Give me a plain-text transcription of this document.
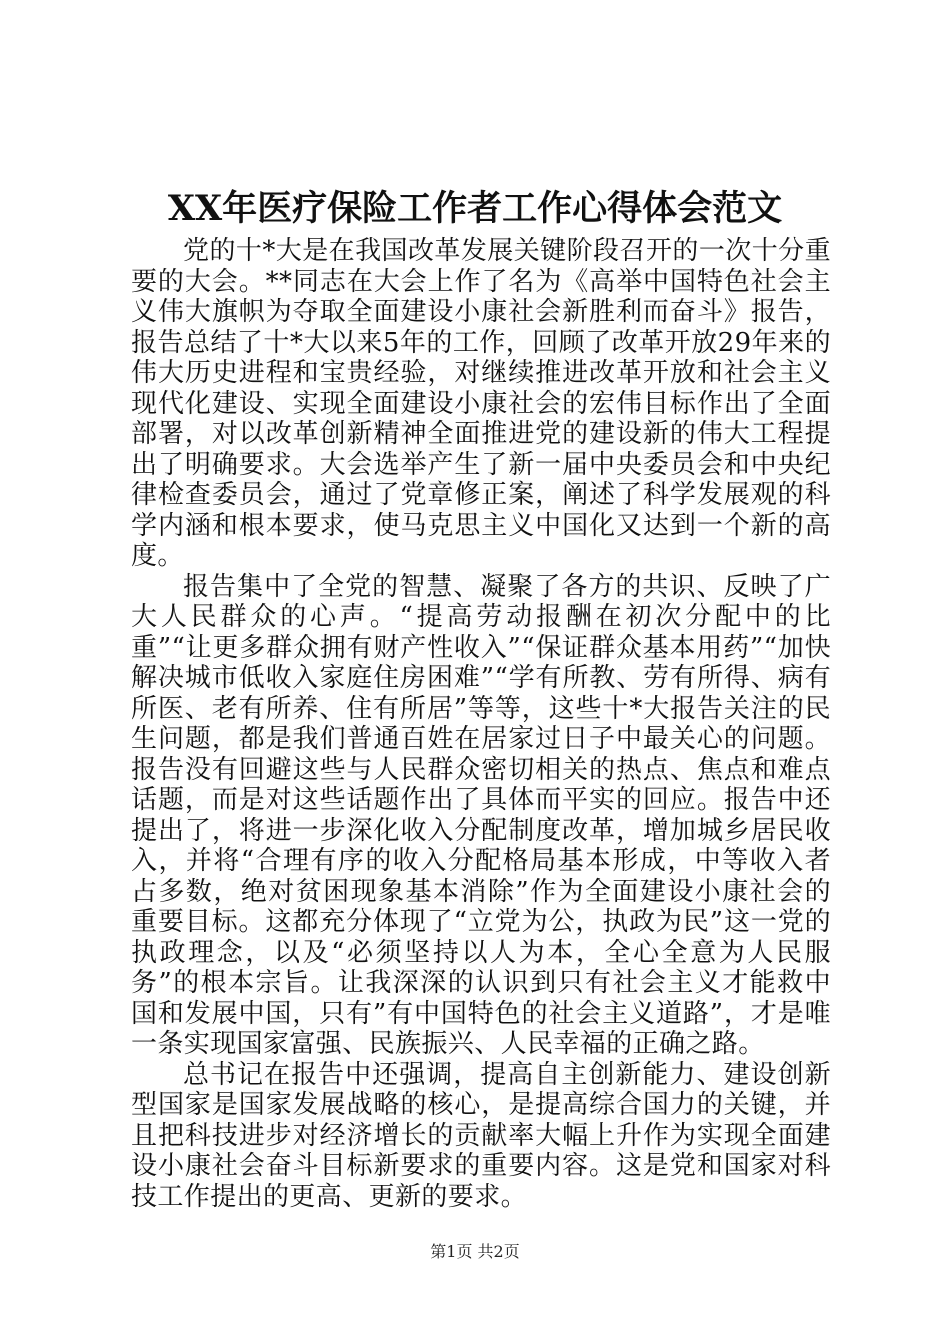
XX年医疗保险工作者工作心得体会范文

党的十*大是在我国改革发展关键阶段召开的一次十分重要的大会。**同志在大会上作了名为《高举中国特色社会主义伟大旗帜为夺取全面建设小康社会新胜利而奋斗》报告，报告总结了十*大以来5年的工作，回顾了改革开放29年来的伟大历史进程和宝贵经验，对继续推进改革开放和社会主义现代化建设、实现全面建设小康社会的宏伟目标作出了全面部署，对以改革创新精神全面推进党的建设新的伟大工程提出了明确要求。大会选举产生了新一届中央委员会和中央纪律检查委员会，通过了党章修正案，阐述了科学发展观的科学内涵和根本要求，使马克思主义中国化又达到一个新的高度。

报告集中了全党的智慧、凝聚了各方的共识、反映了广大人民群众的心声。“提高劳动报酬在初次分配中的比重”“让更多群众拥有财产性收入”“保证群众基本用药”“加快解决城市低收入家庭住房困难”“学有所教、劳有所得、病有所医、老有所养、住有所居”等等，这些十*大报告关注的民生问题，都是我们普通百姓在居家过日子中最关心的问题。报告没有回避这些与人民群众密切相关的热点、焦点和难点话题，而是对这些话题作出了具体而平实的回应。报告中还提出了，将进一步深化收入分配制度改革，增加城乡居民收入，并将“合理有序的收入分配格局基本形成，中等收入者占多数，绝对贫困现象基本消除”作为全面建设小康社会的重要目标。这都充分体现了“立党为公，执政为民”这一党的执政理念，以及“必须坚持以人为本，全心全意为人民服务”的根本宗旨。让我深深的认识到只有社会主义才能救中国和发展中国，只有”有中国特色的社会主义道路”，才是唯一条实现国家富强、民族振兴、人民幸福的正确之路。

总书记在报告中还强调，提高自主创新能力、建设创新型国家是国家发展战略的核心，是提高综合国力的关键，并且把科技进步对经济增长的贡献率大幅上升作为实现全面建设小康社会奋斗目标新要求的重要内容。这是党和国家对科技工作提出的更高、更新的要求。

第1页 共2页
